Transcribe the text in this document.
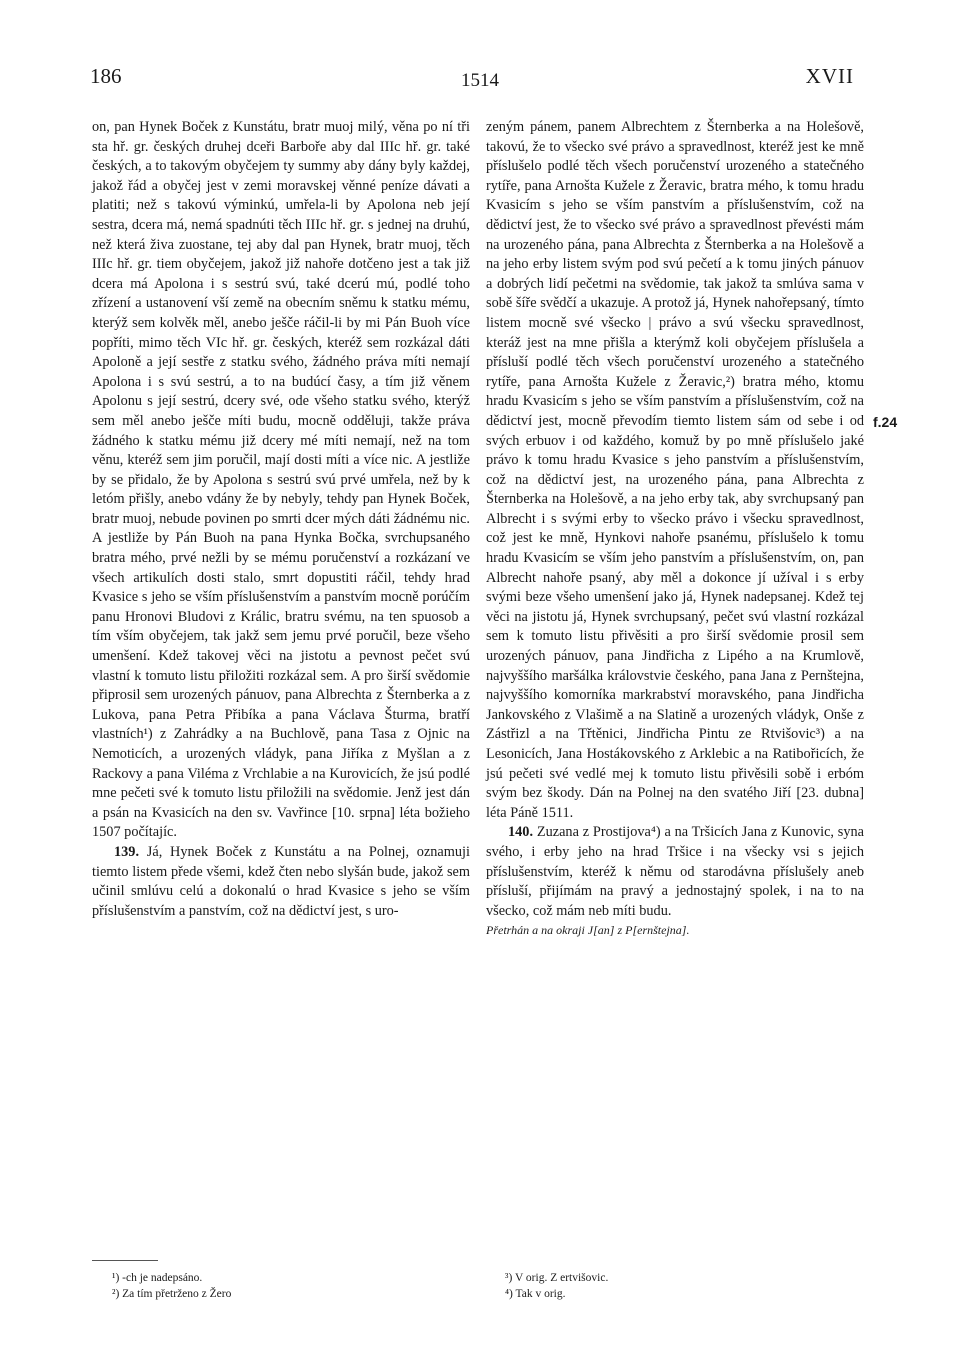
186	1514	XVII

on, pan Hynek Boček z Kunstátu, bratr muoj milý, věna po ní tři sta hř. gr. českých druhej dceři Barboře aby dal IIIc hř. gr. také českých, a to takovým obyčejem ty summy aby dány byly každej, jakož řád a obyčej jest v zemi moravskej věnné peníze dávati a platiti; než s takovú výminkú, umřela-li by Apolona neb její sestra, dcera má, nemá spadnúti těch IIIc hř. gr. s jednej na druhú, než která živa zuostane, tej aby dal pan Hynek, bratr muoj, těch IIIc hř. gr. tiem obyčejem, jakož již nahoře dotčeno jest a tak již dcera má Apolona i s sestrú svú, také dcerú mú, podlé toho zřízení a ustanovení vší země na obecním sněmu k statku mému, kterýž sem kolvěk měl, anebo ješče ráčil-li by mi Pán Buoh více popříti, mimo těch VIc hř. gr. českých, kteréž sem rozkázal dáti Apoloně a její sestře z statku svého, žádného práva míti nemají Apolona i s svú sestrú, a to na budúcí časy, a tím již věnem Apolonu s její sestrú, dcery své, ode všeho statku svého, kterýž sem měl anebo ješče míti budu, mocně odděluji, takže práva žádného k statku mému již dcery mé míti nemají, než na tom věnu, kteréž sem jim poručil, mají dosti míti a více nic. A jestliže by se přidalo, že by Apolona s sestrú svú prvé umřela, než by k letóm přišly, anebo vdány že by nebyly, tehdy pan Hynek Boček, bratr muoj, nebude povinen po smrti dcer mých dáti žádnému nic. A jestliže by Pán Buoh na pana Hynka Bočka, svrchupsaného bratra mého, prvé nežli by se mému poručenství a rozkázaní ve všech artikulích dosti stalo, smrt dopustiti ráčil, tehdy hrad Kvasice s jeho se vším příslušenstvím a panstvím mocně porúčím panu Hronovi Bludovi z Králic, bratru svému, na ten spuosob a tím vším obyčejem, tak jakž sem jemu prvé poručil, beze všeho umenšení. Kdež takovej věci na jistotu a pevnost pečet svú vlastní k tomuto listu přiložiti rozkázal sem. A pro širší svědomie připrosil sem urozených pánuov, pana Albrechta z Šternberka a z Lukova, pana Petra Přibíka a pana Václava Šturma, bratří vlastních¹) z Zahrádky a na Buchlově, pana Tasa z Ojnic na Nemoticích, a urozených vládyk, pana Jiříka z Myšlan a z Rackovy a pana Viléma z Vrchlabie a na Kurovicích, že jsú podlé mne pečeti své k tomuto listu přiložili na svědomie. Jenž jest dán a psán na Kvasicích na den sv. Vavřince [10. srpna] léta božieho 1507 počítajíc.

139. Já, Hynek Boček z Kunstátu a na Polnej, oznamuji tiemto listem přede všemi, kdež čten nebo slyšán bude, jakož sem učinil smlúvu celú a dokonalú o hrad Kvasice s jeho se vším příslušenstvím a panstvím, což na dědictví jest, s uro-

f.24

zeným pánem, panem Albrechtem z Šternberka a na Holešově, takovú, že to všecko své právo a spravedlnost, kteréž jest ke mně příslušelo podlé těch všech poručenství urozeného a statečného rytíře, pana Arnošta Kužele z Žeravic, bratra mého, k tomu hradu Kvasicím s jeho se vším panstvím a příslušenstvím, což na dědictví jest, že to všecko své právo a spravedlnost převésti mám na urozeného pána, pana Albrechta z Šternberka a na Holešově a na jeho erby listem svým pod svú pečetí a k tomu jiných pánuov a dobrých lidí pečetmi na svědomie, tak jakož ta smlúva sama v sobě šíře svědčí a ukazuje. A protož já, Hynek nahořepsaný, tímto listem mocně své všecko | právo a svú všecku spravedlnost, kteráž jest na mne přišla a kterýmž koli obyčejem příslušela a přísluší podlé těch všech poručenství urozeného a statečného rytíře, pana Arnošta Kužele z Žeravic,²) bratra mého, ktomu hradu Kvasicím s jeho se vším panstvím a příslušenstvím, což na dědictví jest, mocně převodím tiemto listem sám od sebe i od svých erbuov i od každého, komuž by po mně příslušelo jaké právo k tomu hradu Kvasice s jeho panstvím a příslušenstvím, což na dědictví jest, na urozeného pána, pana Albrechta z Šternberka na Holešově, a na jeho erby tak, aby svrchupsaný pan Albrecht i s svými erby to všecko právo i všecku spravedlnost, což jest ke mně, Hynkovi nahoře psanému, příslušelo k tomu hradu Kvasicím se vším jeho panstvím a příslušenstvím, on, pan Albrecht nahoře psaný, aby měl a dokonce jí užíval i s erby svými beze všeho umenšení jako já, Hynek nadepsanej. Kdež tej věci na jistotu já, Hynek svrchupsaný, pečet svú vlastní rozkázal sem k tomuto listu přivěsiti a pro širší svědomie prosil sem urozených pánuov, pana Jindřicha z Lipého a na Krumlově, najvyššího maršálka královstvie českého, pana Jana z Pernštejna, najvyššího komorníka markrabství moravského, pana Jindřicha Jankovského z Vlašimě a na Slatině a urozených vládyk, Onše z Zástřizl a na Třtěnici, Jindřicha Pintu ze Rtvišovic³) a na Lesonicích, Jana Hostákovského z Arklebic a na Ratibořicích, že jsú pečeti své vedlé mej k tomuto listu přivěsili sobě i erbóm svým bez škody. Dán na Polnej na den svatého Jiří [23. dubna] léta Páně 1511.

140. Zuzana z Prostijova⁴) a na Tršicích Jana z Kunovic, syna svého, i erby jeho na hrad Tršice i na všecky vsi s jejich příslušenstvím, kteréž k němu od starodávna příslušely aneb přísluší, přijímám na pravý a jednostajný spolek, i na to na všecko, což mám neb míti budu.

Přetrhán a na okraji J[an] z P[ernštejna].

¹) -ch je nadepsáno.
²) Za tím přetrženo z Žero
³) V orig. Z ertvišovic.
⁴) Tak v orig.
